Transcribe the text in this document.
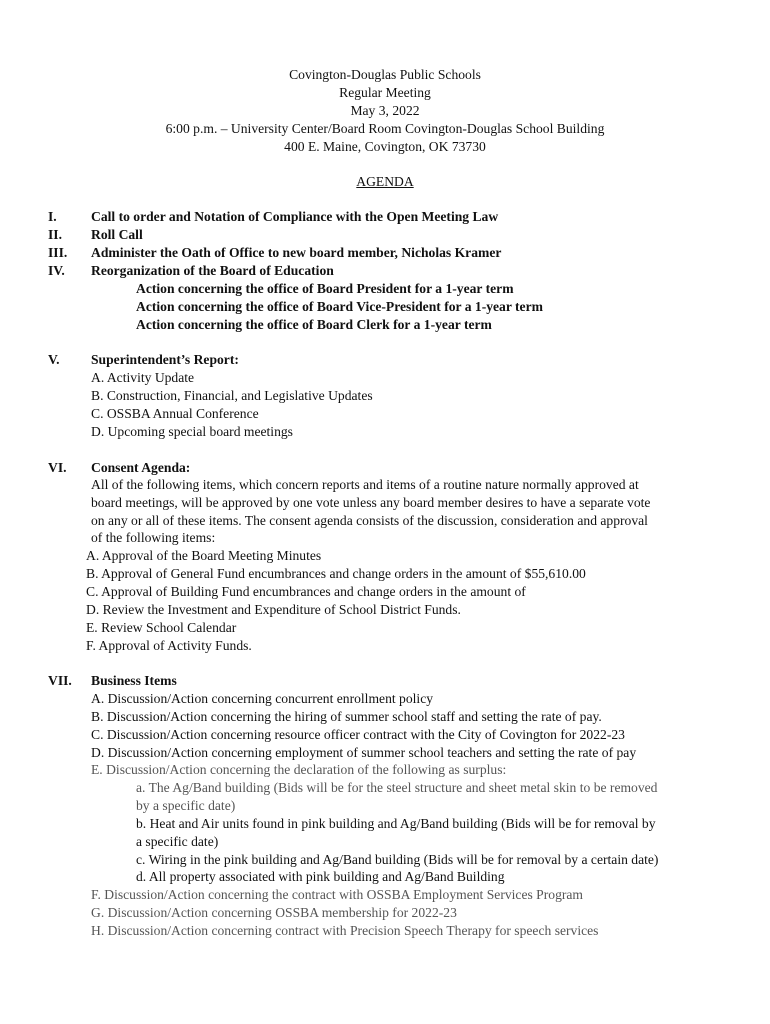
Covington-Douglas Public Schools
Regular Meeting
May 3, 2022
6:00 p.m. – University Center/Board Room Covington-Douglas School Building
400 E. Maine, Covington, OK 73730
AGENDA
I.	Call to order and Notation of Compliance with the Open Meeting Law
II. Roll Call
III. Administer the Oath of Office to new board member, Nicholas Kramer
IV. Reorganization of the Board of Education
Action concerning the office of Board President for a 1-year term
Action concerning the office of Board Vice-President for a 1-year term
Action concerning the office of Board Clerk for a 1-year term
V. Superintendent’s Report:
A. Activity Update
B. Construction, Financial, and Legislative Updates
C. OSSBA Annual Conference
D. Upcoming special board meetings
VI. Consent Agenda:
All of the following items, which concern reports and items of a routine nature normally approved at
board meetings, will be approved by one vote unless any board member desires to have a separate vote
on any or all of these items. The consent agenda consists of the discussion, consideration and approval
of the following items:
A. Approval of the Board Meeting Minutes
B. Approval of General Fund encumbrances and change orders in the amount of $55,610.00
C. Approval of Building Fund encumbrances and change orders in the amount of
D. Review the Investment and Expenditure of School District Funds.
E. Review School Calendar
F. Approval of Activity Funds.
VII. Business Items
A. Discussion/Action concerning concurrent enrollment policy
B. Discussion/Action concerning the hiring of summer school staff and setting the rate of pay.
C. Discussion/Action concerning resource officer contract with the City of Covington for 2022-23
D. Discussion/Action concerning employment of summer school teachers and setting the rate of pay
E. Discussion/Action concerning the declaration of the following as surplus:
a. The Ag/Band building (Bids will be for the steel structure and sheet metal skin to be removed
by a specific date)
b. Heat and Air units found in pink building and Ag/Band building (Bids will be for removal by
a specific date)
c. Wiring in the pink building and Ag/Band building (Bids will be for removal by a certain date)
d. All property associated with pink building and Ag/Band Building
F. Discussion/Action concerning the contract with OSSBA Employment Services Program
G. Discussion/Action concerning OSSBA membership for 2022-23
H. Discussion/Action concerning contract with Precision Speech Therapy for speech services
